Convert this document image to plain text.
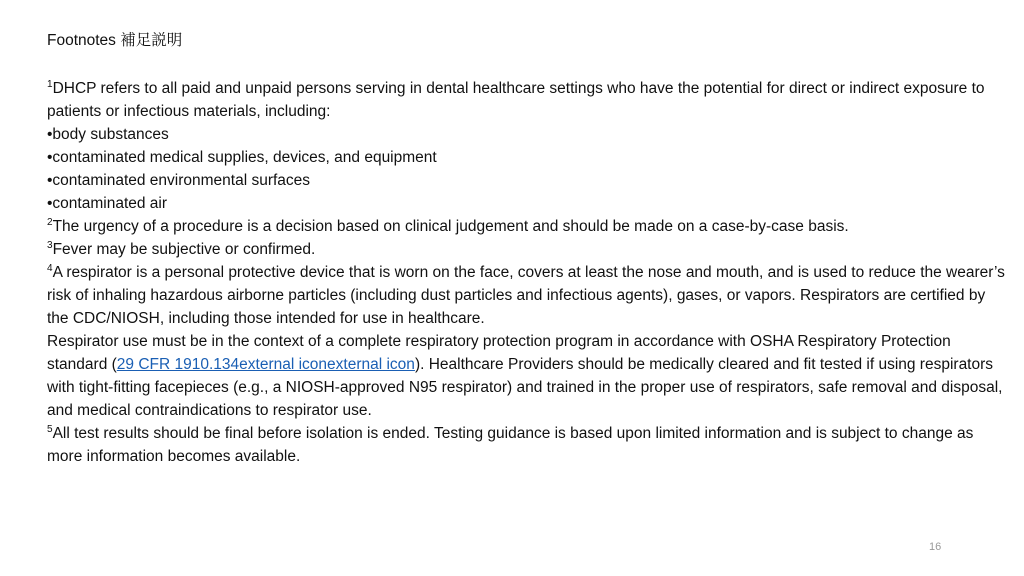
Footnotes 補足説明

$^1$DHCP refers to all paid and unpaid persons serving in dental healthcare settings who have the potential for direct or indirect exposure to patients or infectious materials, including:

•body substances

•contaminated medical supplies, devices, and equipment

•contaminated environmental surfaces

•contaminated air

$^2$The urgency of a procedure is a decision based on clinical judgement and should be made on a case-by-case basis.

$^3$Fever may be subjective or confirmed.

$^4$A respirator is a personal protective device that is worn on the face, covers at least the nose and mouth, and is used to reduce the wearer’s risk of inhaling hazardous airborne particles (including dust particles and infectious agents), gases, or vapors. Respirators are certified by the CDC/NIOSH, including those intended for use in healthcare.

Respirator use must be in the context of a complete respiratory protection program in accordance with OSHA Respiratory Protection standard (29 CFR 1910.134external iconexternal icon). Healthcare Providers should be medically cleared and fit tested if using respirators with tight-fitting facepieces (e.g., a NIOSH-approved N95 respirator) and trained in the proper use of respirators, safe removal and disposal, and medical contraindications to respirator use.

$^5$All test results should be final before isolation is ended. Testing guidance is based upon limited information and is subject to change as more information becomes available.

16
